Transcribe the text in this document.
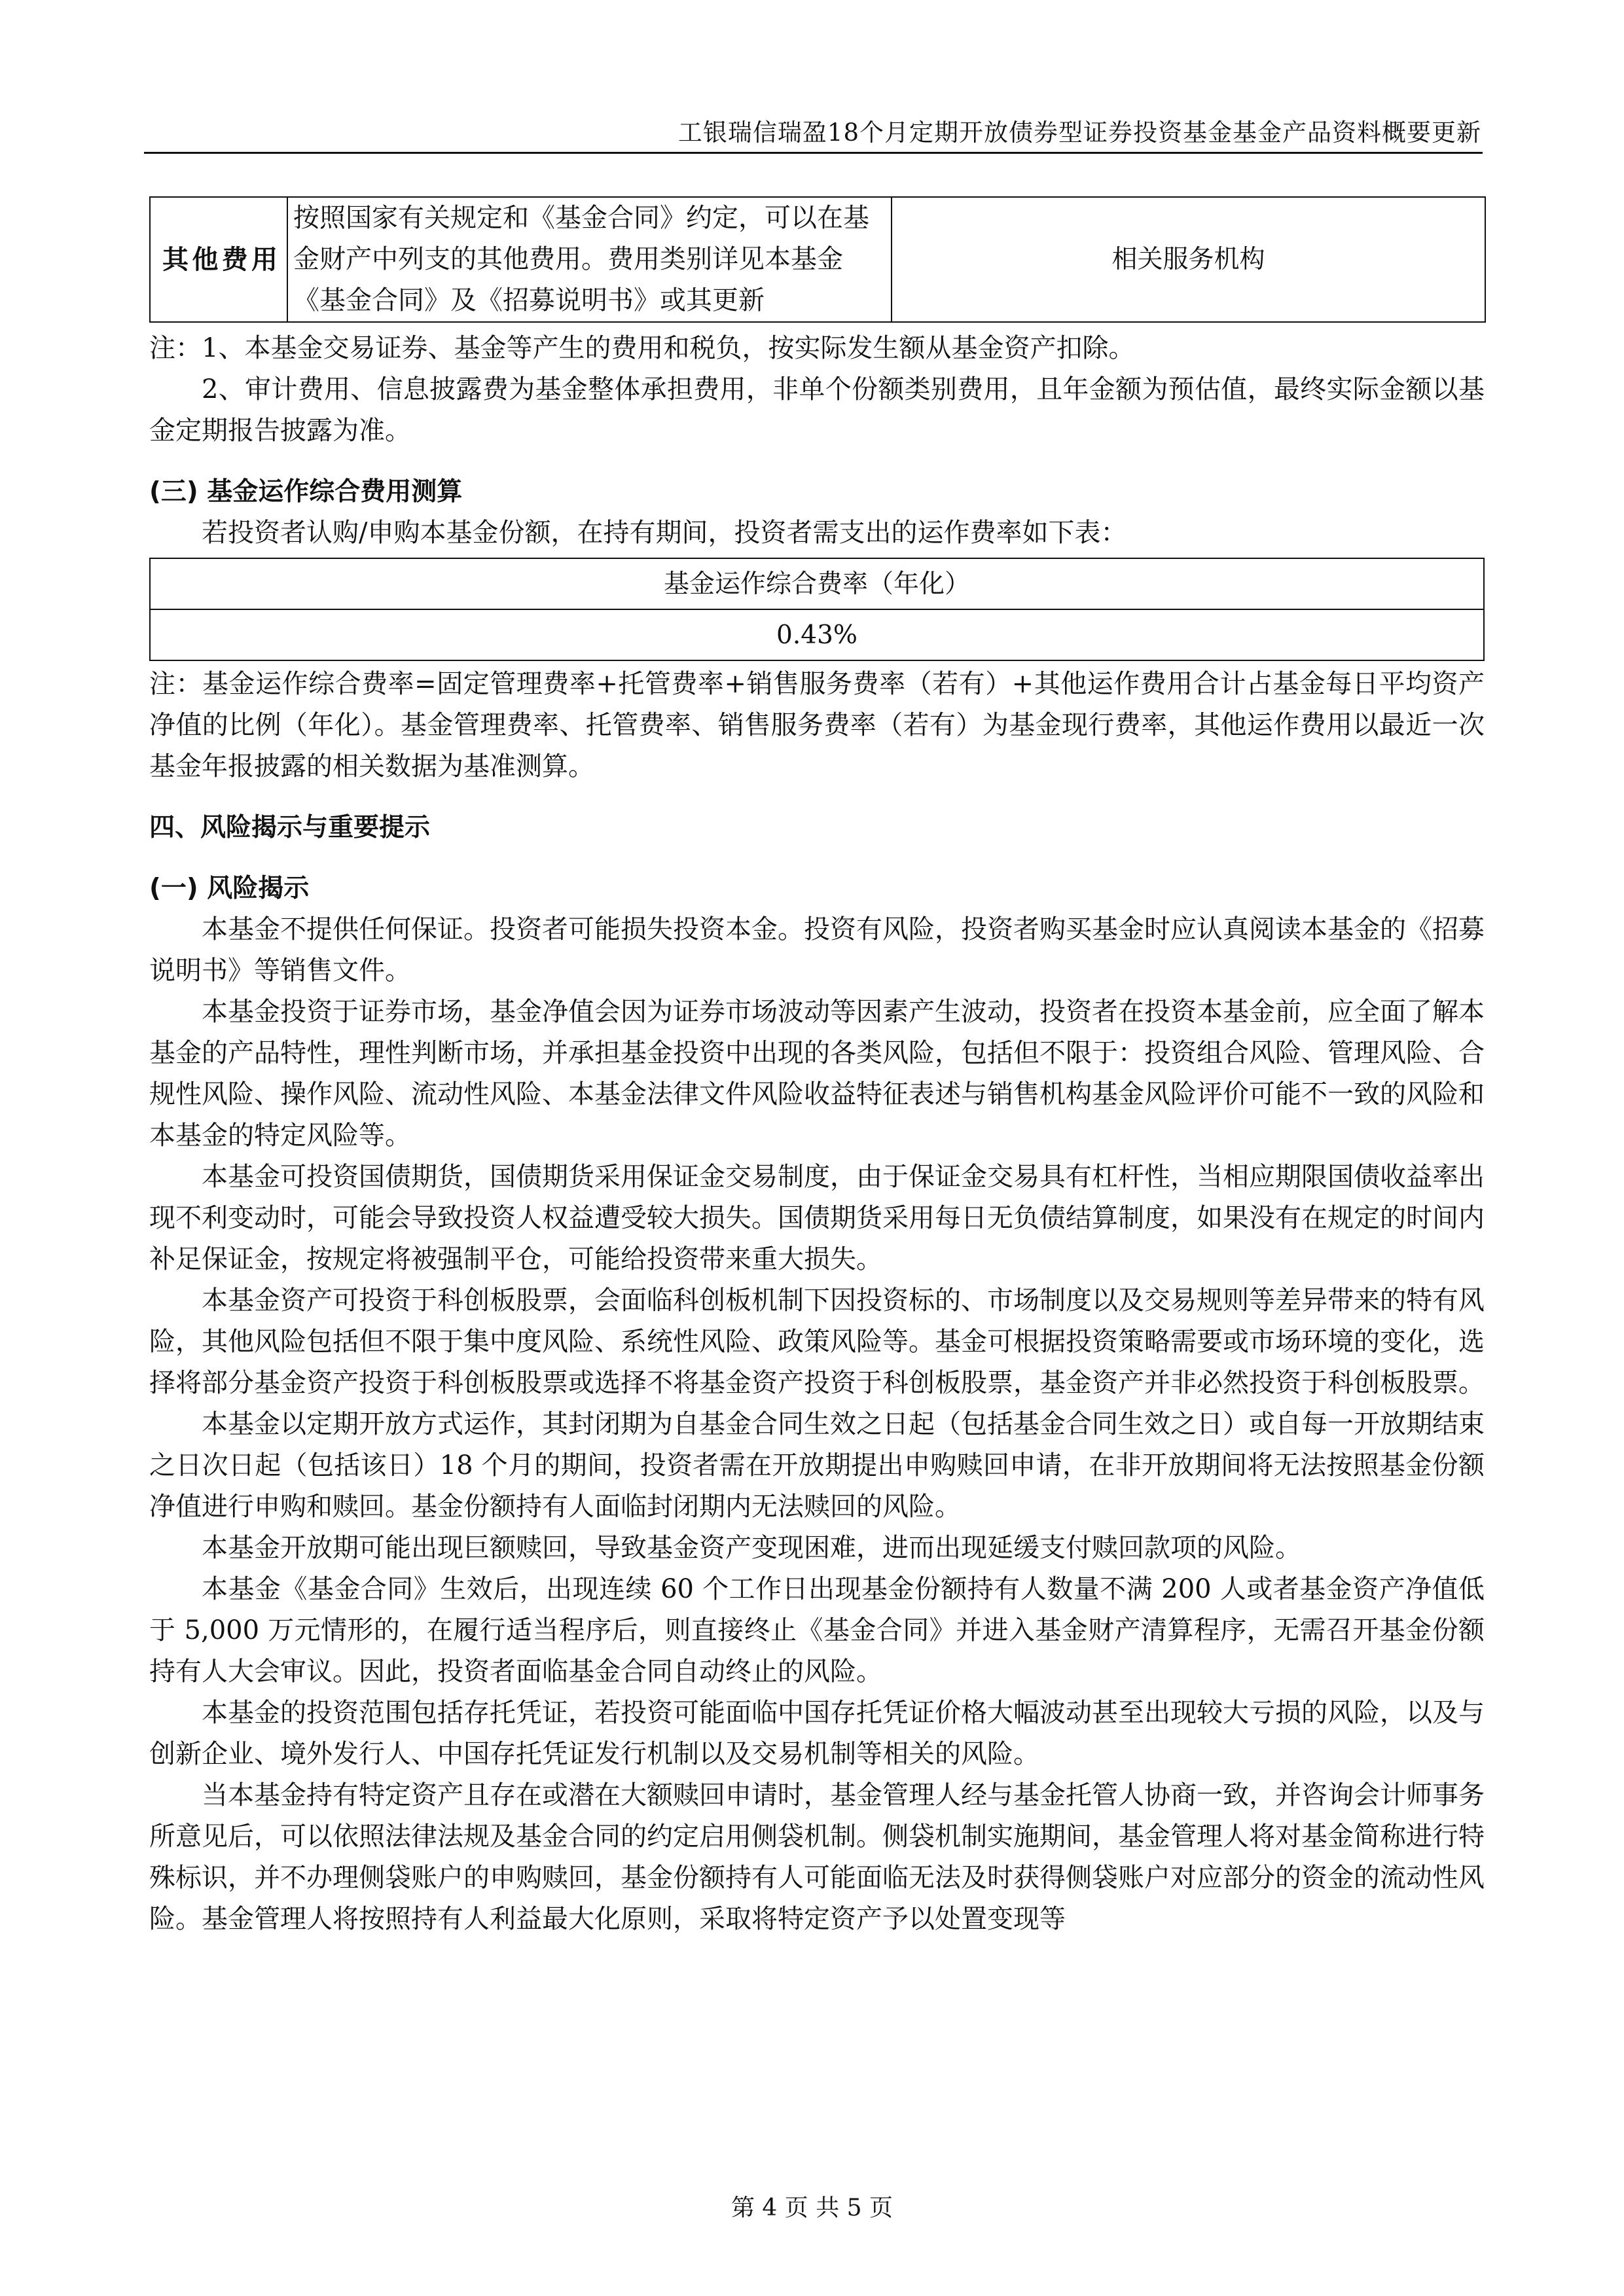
工银瑞信瑞盈18个月定期开放债券型证券投资基金基金产品资料概要更新
其他费用	按照国家有关规定和《基金合同》约定，可以在基金财产中列支的其他费用。费用类别详见本基金《基金合同》及《招募说明书》或其更新	相关服务机构

注：1、本基金交易证券、基金等产生的费用和税负，按实际发生额从基金资产扣除。

2、审计费用、信息披露费为基金整体承担费用，非单个份额类别费用，且年金额为预估值，最终实际金额以基金定期报告披露为准。

(三) 基金运作综合费用测算

若投资者认购/申购本基金份额，在持有期间，投资者需支出的运作费率如下表：

基金运作综合费率（年化）
0.43%

注：基金运作综合费率=固定管理费率+托管费率+销售服务费率（若有）+其他运作费用合计占基金每日平均资产净值的比例（年化）。基金管理费率、托管费率、销售服务费率（若有）为基金现行费率，其他运作费用以最近一次基金年报披露的相关数据为基准测算。

四、风险揭示与重要提示

(一) 风险揭示

本基金不提供任何保证。投资者可能损失投资本金。投资有风险，投资者购买基金时应认真阅读本基金的《招募说明书》等销售文件。

本基金投资于证券市场，基金净值会因为证券市场波动等因素产生波动，投资者在投资本基金前，应全面了解本基金的产品特性，理性判断市场，并承担基金投资中出现的各类风险，包括但不限于：投资组合风险、管理风险、合规性风险、操作风险、流动性风险、本基金法律文件风险收益特征表述与销售机构基金风险评价可能不一致的风险和本基金的特定风险等。

本基金可投资国债期货，国债期货采用保证金交易制度，由于保证金交易具有杠杆性，当相应期限国债收益率出现不利变动时，可能会导致投资人权益遭受较大损失。国债期货采用每日无负债结算制度，如果没有在规定的时间内补足保证金，按规定将被强制平仓，可能给投资带来重大损失。

本基金资产可投资于科创板股票，会面临科创板机制下因投资标的、市场制度以及交易规则等差异带来的特有风险，其他风险包括但不限于集中度风险、系统性风险、政策风险等。基金可根据投资策略需要或市场环境的变化，选择将部分基金资产投资于科创板股票或选择不将基金资产投资于科创板股票，基金资产并非必然投资于科创板股票。

本基金以定期开放方式运作，其封闭期为自基金合同生效之日起（包括基金合同生效之日）或自每一开放期结束之日次日起（包括该日）18 个月的期间，投资者需在开放期提出申购赎回申请，在非开放期间将无法按照基金份额净值进行申购和赎回。基金份额持有人面临封闭期内无法赎回的风险。

本基金开放期可能出现巨额赎回，导致基金资产变现困难，进而出现延缓支付赎回款项的风险。

本基金《基金合同》生效后，出现连续 60 个工作日出现基金份额持有人数量不满 200 人或者基金资产净值低于 5,000 万元情形的，在履行适当程序后，则直接终止《基金合同》并进入基金财产清算程序，无需召开基金份额持有人大会审议。因此，投资者面临基金合同自动终止的风险。

本基金的投资范围包括存托凭证，若投资可能面临中国存托凭证价格大幅波动甚至出现较大亏损的风险，以及与创新企业、境外发行人、中国存托凭证发行机制以及交易机制等相关的风险。

当本基金持有特定资产且存在或潜在大额赎回申请时，基金管理人经与基金托管人协商一致，并咨询会计师事务所意见后，可以依照法律法规及基金合同的约定启用侧袋机制。侧袋机制实施期间，基金管理人将对基金简称进行特殊标识，并不办理侧袋账户的申购赎回，基金份额持有人可能面临无法及时获得侧袋账户对应部分的资金的流动性风险。基金管理人将按照持有人利益最大化原则，采取将特定资产予以处置变现等

第 4 页 共 5 页
